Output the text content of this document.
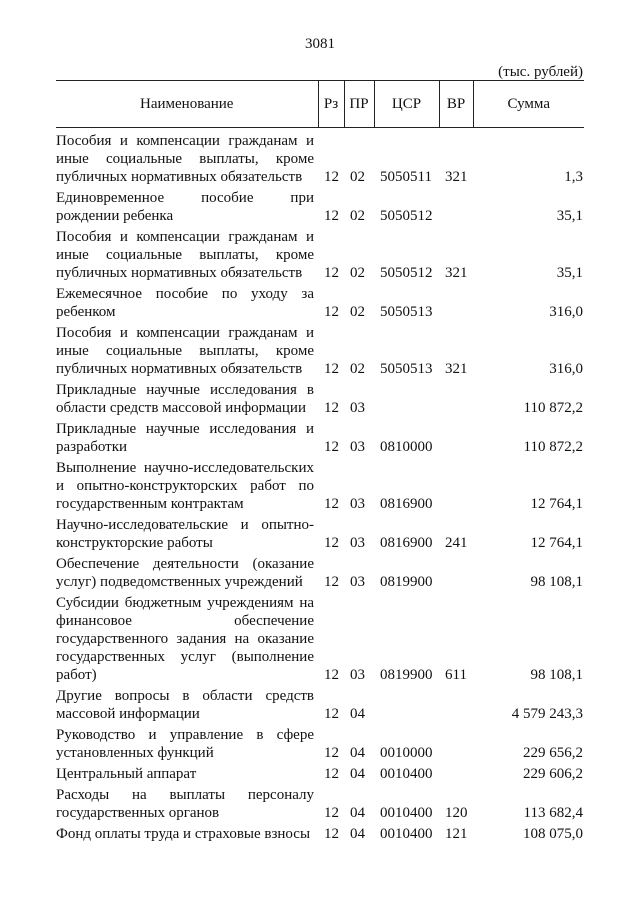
3081
(тыс. рублей)
Наименование	Рз	ПР	ЦСР	ВР	Сумма
Пособия и компенсации гражданам и иные социальные выплаты, кроме публичных нормативных обязательств	12	02	5050511	321	1,3
Единовременное пособие при рождении ребенка	12	02	5050512		35,1
Пособия и компенсации гражданам и иные социальные выплаты, кроме публичных нормативных обязательств	12	02	5050512	321	35,1
Ежемесячное пособие по уходу за ребенком	12	02	5050513		316,0
Пособия и компенсации гражданам и иные социальные выплаты, кроме публичных нормативных обязательств	12	02	5050513	321	316,0
Прикладные научные исследования в области средств массовой информации	12	03			110 872,2
Прикладные научные исследования и разработки	12	03	0810000		110 872,2
Выполнение научно-исследовательских и опытно-конструкторских работ по государственным контрактам	12	03	0816900		12 764,1
Научно-исследовательские и опытно-конструкторские работы	12	03	0816900	241	12 764,1
Обеспечение деятельности (оказание услуг) подведомственных учреждений	12	03	0819900		98 108,1
Субсидии бюджетным учреждениям на финансовое обеспечение государственного задания на оказание государственных услуг (выполнение работ)	12	03	0819900	611	98 108,1
Другие вопросы в области средств массовой информации	12	04			4 579 243,3
Руководство и управление в сфере установленных функций	12	04	0010000		229 656,2
Центральный аппарат	12	04	0010400		229 606,2
Расходы на выплаты персоналу государственных органов	12	04	0010400	120	113 682,4
Фонд оплаты труда и страховые взносы	12	04	0010400	121	108 075,0
